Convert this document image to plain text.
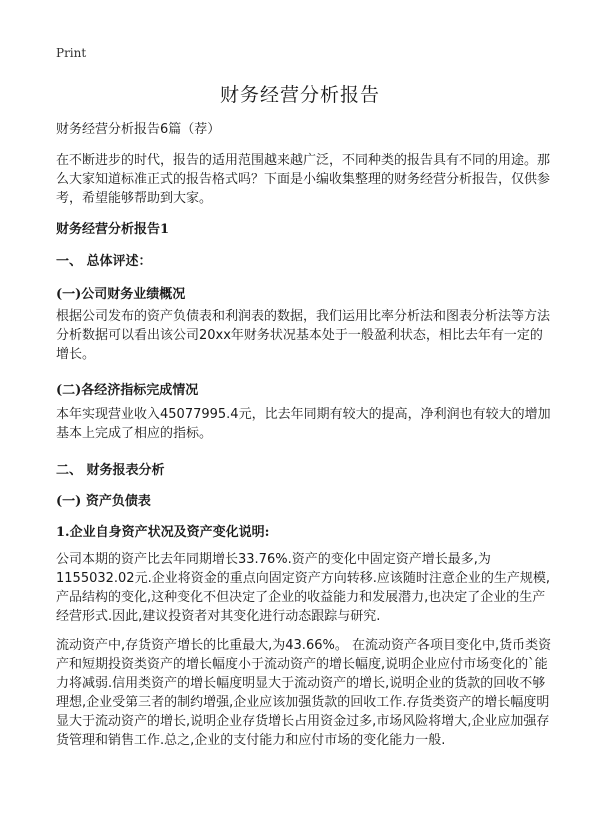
Print
财务经营分析报告
财务经营分析报告6篇（荐）
在不断进步的时代，报告的适用范围越来越广泛，不同种类的报告具有不同的用途。那么大家知道标准正式的报告格式吗？下面是小编收集整理的财务经营分析报告，仅供参考，希望能够帮助到大家。
财务经营分析报告1
一、 总体评述：
(一)公司财务业绩概况
根据公司发布的资产负债表和利润表的数据，我们运用比率分析法和图表分析法等方法分析数据可以看出该公司20xx年财务状况基本处于一般盈利状态，相比去年有一定的增长。
(二)各经济指标完成情况
本年实现营业收入45077995.4元，比去年同期有较大的提高，净利润也有较大的增加基本上完成了相应的指标。
二、 财务报表分析
(一) 资产负债表
1.企业自身资产状况及资产变化说明:
公司本期的资产比去年同期增长33.76%.资产的变化中固定资产增长最多,为1155032.02元.企业将资金的重点向固定资产方向转移.应该随时注意企业的生产规模,产品结构的变化,这种变化不但决定了企业的收益能力和发展潜力,也决定了企业的生产经营形式.因此,建议投资者对其变化进行动态跟踪与研究.
流动资产中,存货资产增长的比重最大,为43.66%。 在流动资产各项目变化中,货币类资产和短期投资类资产的增长幅度小于流动资产的增长幅度,说明企业应付市场变化的`能力将减弱.信用类资产的增长幅度明显大于流动资产的增长,说明企业的货款的回收不够理想,企业受第三者的制约增强,企业应该加强货款的回收工作.存货类资产的增长幅度明显大于流动资产的增长,说明企业存货增长占用资金过多,市场风险将增大,企业应加强存货管理和销售工作.总之,企业的支付能力和应付市场的变化能力一般.
